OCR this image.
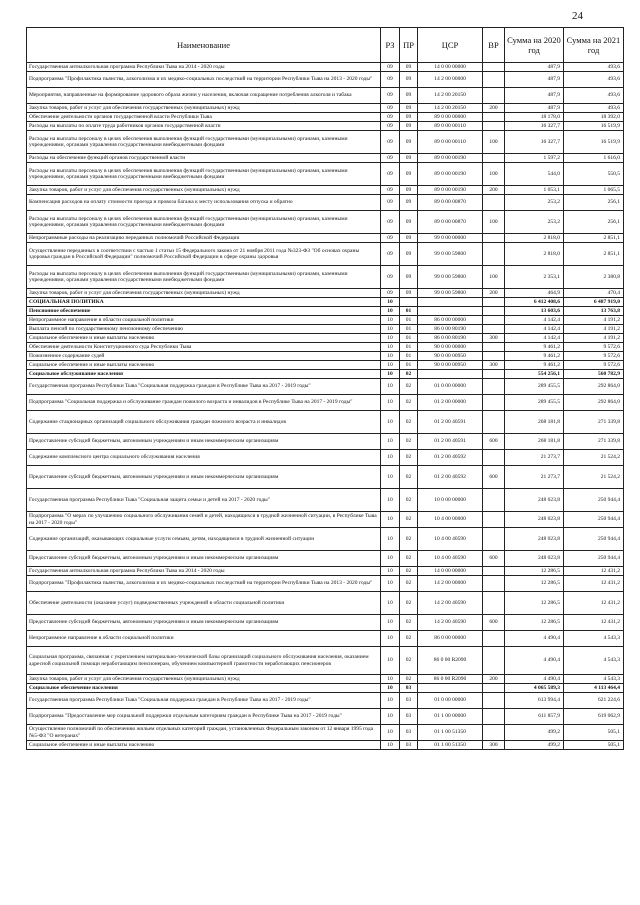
24
Наименование	РЗ	ПР	ЦСР	ВР	Сумма на 2020 год	Сумма на 2021 год
Государственная антиалкогольная программа Республики Тыва на 2014 - 2020 годы	09	09	14 0 00 00000		487,9	493,6
Подпрограмма "Профилактика пьянства, алкоголизма и их медико-социальных последствий на территории Республики Тыва на 2013 - 2020 годы"	09	09	14 2 00 00000		487,9	493,6
Мероприятия, направленные на формирование здорового образа жизни у населения, включая сокращение потребления алкоголя и табака	09	09	14 2 00 20150		487,9	493,6
Закупка товаров, работ и услуг для обеспечения государственных (муниципальных) нужд	09	09	14 2 00 20150	200	487,9	493,6
Обеспечение деятельности органов государственной власти Республики Тыва	09	09	89 0 00 00000		18 178,0	18 392,0
Расходы на выплаты по оплате труда работников органов государственной власти	09	09	89 0 00 00110		16 327,7	16 519,9
Расходы на выплаты персоналу в целях обеспечения выполнения функций государственными (муниципальными) органами, казенными учреждениями, органами управления государственными внебюджетными фондами	09	09	89 0 00 00110	100	16 327,7	16 519,9
Расходы на обеспечение функций органов государственной власти	09	09	89 0 00 00190		1 597,2	1 616,0
Расходы на выплаты персоналу в целях обеспечения выполнения функций государственными (муниципальными) органами, казенными учреждениями, органами управления государственными внебюджетными фондами	09	09	89 0 00 00190	100	544,0	550,5
Закупка товаров, работ и услуг для обеспечения государственных (муниципальных) нужд	09	09	89 0 00 00190	200	1 053,1	1 065,5
Компенсация расходов на оплату стоимости проезда и провоза багажа к месту использования отпуска и обратно	09	09	89 0 00 00870		253,2	256,1
Расходы на выплаты персоналу в целях обеспечения выполнения функций государственными (муниципальными) органами, казенными учреждениями, органами управления государственными внебюджетными фондами	09	09	89 0 00 00870	100	253,2	256,1
Непрограммные расходы на реализацию переданных полномочий Российской Федерации	09	09	99 0 00 00000		2 818,0	2 851,1
Осуществление переданных в соответствии с частью 1 статьи 15 Федерального закона от 21 ноября 2011 года №323-ФЗ "Об основах охраны здоровья граждан в Российской Федерации" полномочий Российской Федерации в сфере охраны здоровья	09	09	99 0 00 59800		2 818,0	2 851,1
Расходы на выплаты персоналу в целях обеспечения выполнения функций государственными (муниципальными) органами, казенными учреждениями, органами управления государственными внебюджетными фондами	09	09	99 0 00 59800	100	2 353,1	2 380,8
Закупка товаров, работ и услуг для обеспечения государственных (муниципальных) нужд	09	09	99 0 00 59800	200	464,9	470,4
СОЦИАЛЬНАЯ ПОЛИТИКА	10				6 412 408,6	6 487 919,0
Пенсионное обеспечение	10	01			13 603,6	13 763,8
Непрограммное направление в области социальной политики	10	01	86 0 00 00000		4 142,4	4 191,2
Выплата пенсий по государственному пенсионному обеспечению	10	01	86 0 00 80190		4 142,4	4 191,2
Социальное обеспечение и иные выплаты населению	10	01	86 0 00 80190	300	4 142,4	4 191,2
Обеспечение деятельности Конституционного суда Республики Тыва	10	01	90 0 00 00000		9 461,2	9 572,6
Пожизненное содержание судей	10	01	90 0 00 00950		9 461,2	9 572,6
Социальное обеспечение и иные выплаты населению	10	01	90 0 00 00950	300	9 461,2	9 572,6
Социальное обслуживание населения	10	02			554 256,1	560 782,9
Государственная программа Республики Тыва "Социальная поддержка граждан в Республике Тыва на 2017 - 2019 годы"	10	02	01 0 00 00000		289 455,5	292 864,0
Подпрограмма "Социальная поддержка и обслуживание граждан пожилого возраста и инвалидов в Республике Тыва на 2017 - 2019 годы"	10	02	01 2 00 00000		289 455,5	292 864,0
Содержание стационарных организаций социального обслуживания граждан пожилого возраста и инвалидов	10	02	01 2 00 40591		268 181,8	271 339,8
Предоставление субсидий бюджетным, автономным учреждениям и иным некоммерческим организациям	10	02	01 2 00 40591	600	268 181,8	271 339,8
Содержание комплексного центра социального обслуживания населения	10	02	01 2 00 40592		21 273,7	21 524,2
Предоставление субсидий бюджетным, автономным учреждениям и иным некоммерческим организациям	10	02	01 2 00 40592	600	21 273,7	21 524,2
Государственная программа Республики Тыва "Социальная защита семьи и детей на 2017 - 2020 годы"	10	02	10 0 00 00000		248 023,8	250 944,4
Подпрограмма "О мерах по улучшению социального обслуживания семей и детей, находящихся в трудной жизненной ситуации, в Республике Тыва на 2017 - 2020 годы"	10	02	10 4 00 00000		248 023,8	250 944,4
Содержание организаций, оказывающих социальные услуги семьям, детям, находящимся в трудной жизненной ситуации	10	02	10 4 00 40590		248 023,8	250 944,4
Предоставление субсидий бюджетным, автономным учреждениям и иным некоммерческим организациям	10	02	10 4 00 40590	600	248 023,8	250 944,4
Государственная антиалкогольная программа Республики Тыва на 2014 - 2020 годы	10	02	14 0 00 00000		12 286,5	12 431,2
Подпрограмма "Профилактика пьянства, алкоголизма и их медико-социальных последствий на территории Республики Тыва на 2013 - 2020 годы"	10	02	14 2 00 00000		12 286,5	12 431,2
Обеспечение деятельности (оказание услуг) подведомственных учреждений в области социальной политики	10	02	14 2 00 40590		12 286,5	12 431,2
Предоставление субсидий бюджетным, автономным учреждениям и иным некоммерческим организациям	10	02	14 2 00 40590	600	12 286,5	12 431,2
Непрограммное направление в области социальной политики	10	02	86 0 00 00000		4 490,4	4 543,3
Социальная программа, связанная с укреплением материально-технической базы организаций социального обслуживания населения, оказанием адресной социальной помощи неработающим пенсионерам, обучением компьютерной грамотности неработающих пенсионеров	10	02	86 0 00 R2090		4 490,4	4 543,3
Закупка товаров, работ и услуг для обеспечения государственных (муниципальных) нужд	10	02	86 0 00 R2090	200	4 490,4	4 543,3
Социальное обеспечение населения	10	03			4 065 589,3	4 113 464,4
Государственная программа Республики Тыва "Социальная поддержка граждан в Республике Тыва на 2017 - 2019 годы"	10	03	01 0 00 00000		613 994,4	621 224,6
Подпрограмма "Предоставление мер социальной поддержки отдельным категориям граждан в Республике Тыва на 2017 - 2019 годы"	10	03	01 1 00 00000		611 857,9	619 062,9
Осуществление полномочий по обеспечению жильем отдельных категорий граждан, установленных Федеральным законом от 12 января 1995 года №5-ФЗ "О ветеранах"	10	03	01 1 00 51350		499,2	505,1
Социальное обеспечение и иные выплаты населению	10	03	01 1 00 51350	300	499,2	505,1
